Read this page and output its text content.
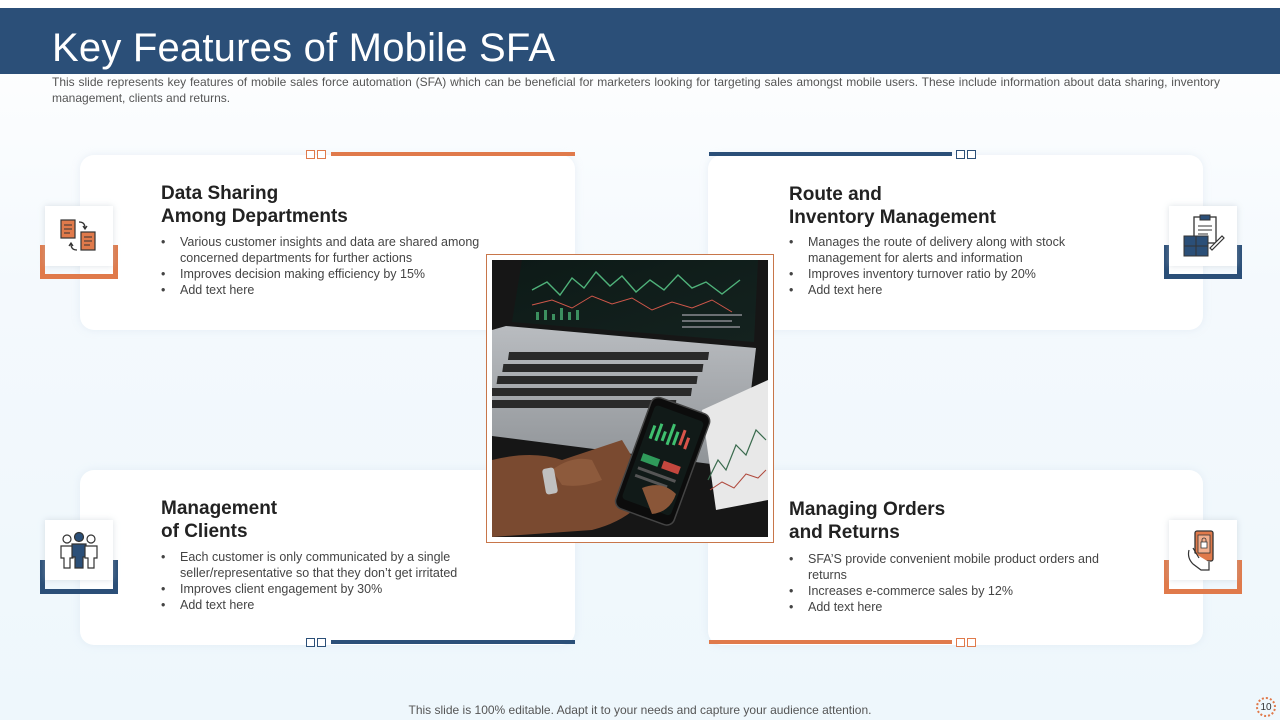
Key Features of Mobile SFA
This slide represents key features of mobile sales force automation (SFA) which can be beneficial for marketers looking for targeting sales amongst mobile users. These include information about data sharing, inventory management, clients and returns.
Data Sharing
Among Departments
• Various customer insights and data are shared among concerned departments for further actions
• Improves decision making efficiency by 15%
• Add text here
Route and
Inventory Management
• Manages the route of delivery along with stock management for alerts and information
• Improves inventory turnover ratio by 20%
• Add text here
Management
of Clients
• Each customer is only communicated by a single seller/representative so that they don’t get irritated
• Improves client engagement by 30%
• Add text here
Managing Orders
and Returns
• SFA’S provide convenient mobile product orders and returns
• Increases e-commerce sales by 12%
• Add text here
This slide is 100% editable. Adapt it to your needs and capture your audience attention.	10
